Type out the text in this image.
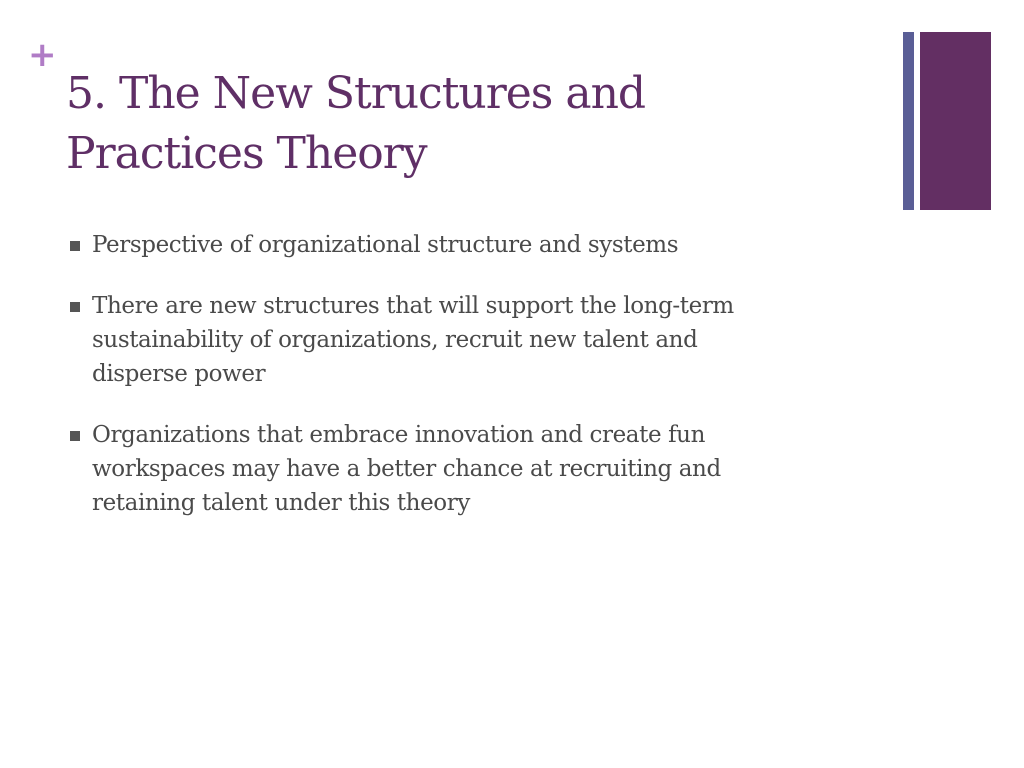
+
5. The New Structures and
Practices Theory
Perspective of organizational structure and systems
There are new structures that will support the long-term
sustainability of organizations, recruit new talent and
disperse power
Organizations that embrace innovation and create fun
workspaces may have a better chance at recruiting and
retaining talent under this theory
